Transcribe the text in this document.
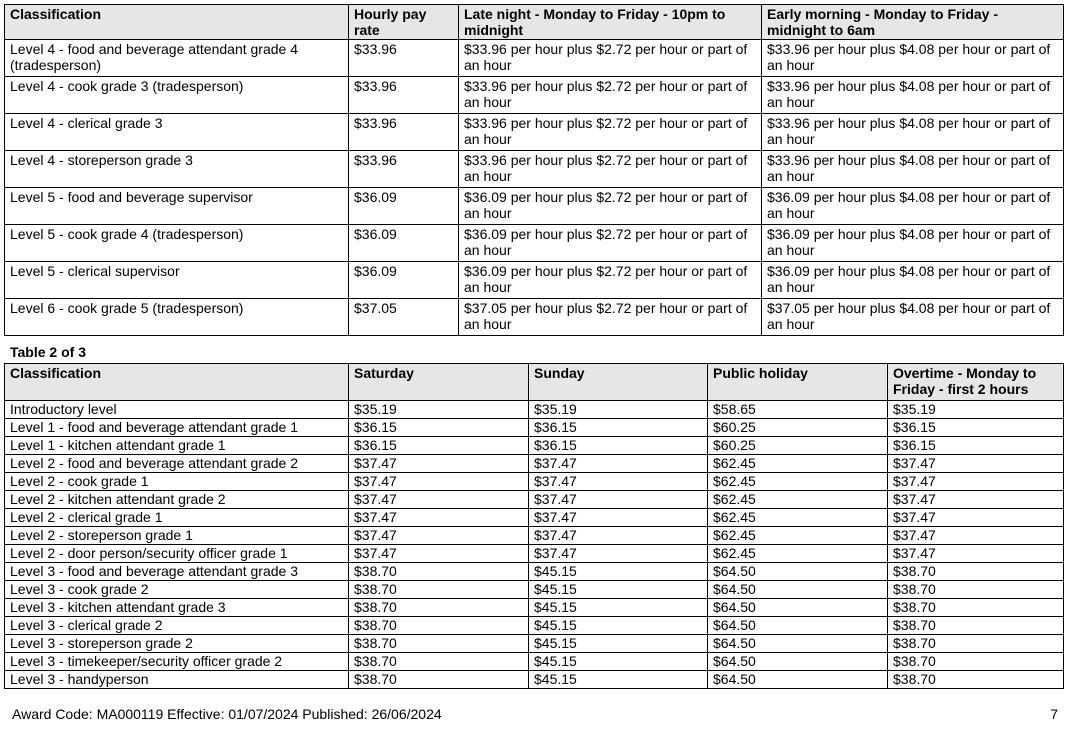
Classification	Hourly pay rate	Late night - Monday to Friday - 10pm to midnight	Early morning - Monday to Friday - midnight to 6am
Level 4 - food and beverage attendant grade 4 (tradesperson)	$33.96	$33.96 per hour plus $2.72 per hour or part of an hour	$33.96 per hour plus $4.08 per hour or part of an hour
Level 4 - cook grade 3 (tradesperson)	$33.96	$33.96 per hour plus $2.72 per hour or part of an hour	$33.96 per hour plus $4.08 per hour or part of an hour
Level 4 - clerical grade 3	$33.96	$33.96 per hour plus $2.72 per hour or part of an hour	$33.96 per hour plus $4.08 per hour or part of an hour
Level 4 - storeperson grade 3	$33.96	$33.96 per hour plus $2.72 per hour or part of an hour	$33.96 per hour plus $4.08 per hour or part of an hour
Level 5 - food and beverage supervisor	$36.09	$36.09 per hour plus $2.72 per hour or part of an hour	$36.09 per hour plus $4.08 per hour or part of an hour
Level 5 - cook grade 4 (tradesperson)	$36.09	$36.09 per hour plus $2.72 per hour or part of an hour	$36.09 per hour plus $4.08 per hour or part of an hour
Level 5 - clerical supervisor	$36.09	$36.09 per hour plus $2.72 per hour or part of an hour	$36.09 per hour plus $4.08 per hour or part of an hour
Level 6 - cook grade 5 (tradesperson)	$37.05	$37.05 per hour plus $2.72 per hour or part of an hour	$37.05 per hour plus $4.08 per hour or part of an hour
Table 2 of 3
Classification	Saturday	Sunday	Public holiday	Overtime - Monday to Friday - first 2 hours
Introductory level	$35.19	$35.19	$58.65	$35.19
Level 1 - food and beverage attendant grade 1	$36.15	$36.15	$60.25	$36.15
Level 1 - kitchen attendant grade 1	$36.15	$36.15	$60.25	$36.15
Level 2 - food and beverage attendant grade 2	$37.47	$37.47	$62.45	$37.47
Level 2 - cook grade 1	$37.47	$37.47	$62.45	$37.47
Level 2 - kitchen attendant grade 2	$37.47	$37.47	$62.45	$37.47
Level 2 - clerical grade 1	$37.47	$37.47	$62.45	$37.47
Level 2 - storeperson grade 1	$37.47	$37.47	$62.45	$37.47
Level 2 - door person/security officer grade 1	$37.47	$37.47	$62.45	$37.47
Level 3 - food and beverage attendant grade 3	$38.70	$45.15	$64.50	$38.70
Level 3 - cook grade 2	$38.70	$45.15	$64.50	$38.70
Level 3 - kitchen attendant grade 3	$38.70	$45.15	$64.50	$38.70
Level 3 - clerical grade 2	$38.70	$45.15	$64.50	$38.70
Level 3 - storeperson grade 2	$38.70	$45.15	$64.50	$38.70
Level 3 - timekeeper/security officer grade 2	$38.70	$45.15	$64.50	$38.70
Level 3 - handyperson	$38.70	$45.15	$64.50	$38.70
Award Code: MA000119 Effective: 01/07/2024 Published: 26/06/2024	7
